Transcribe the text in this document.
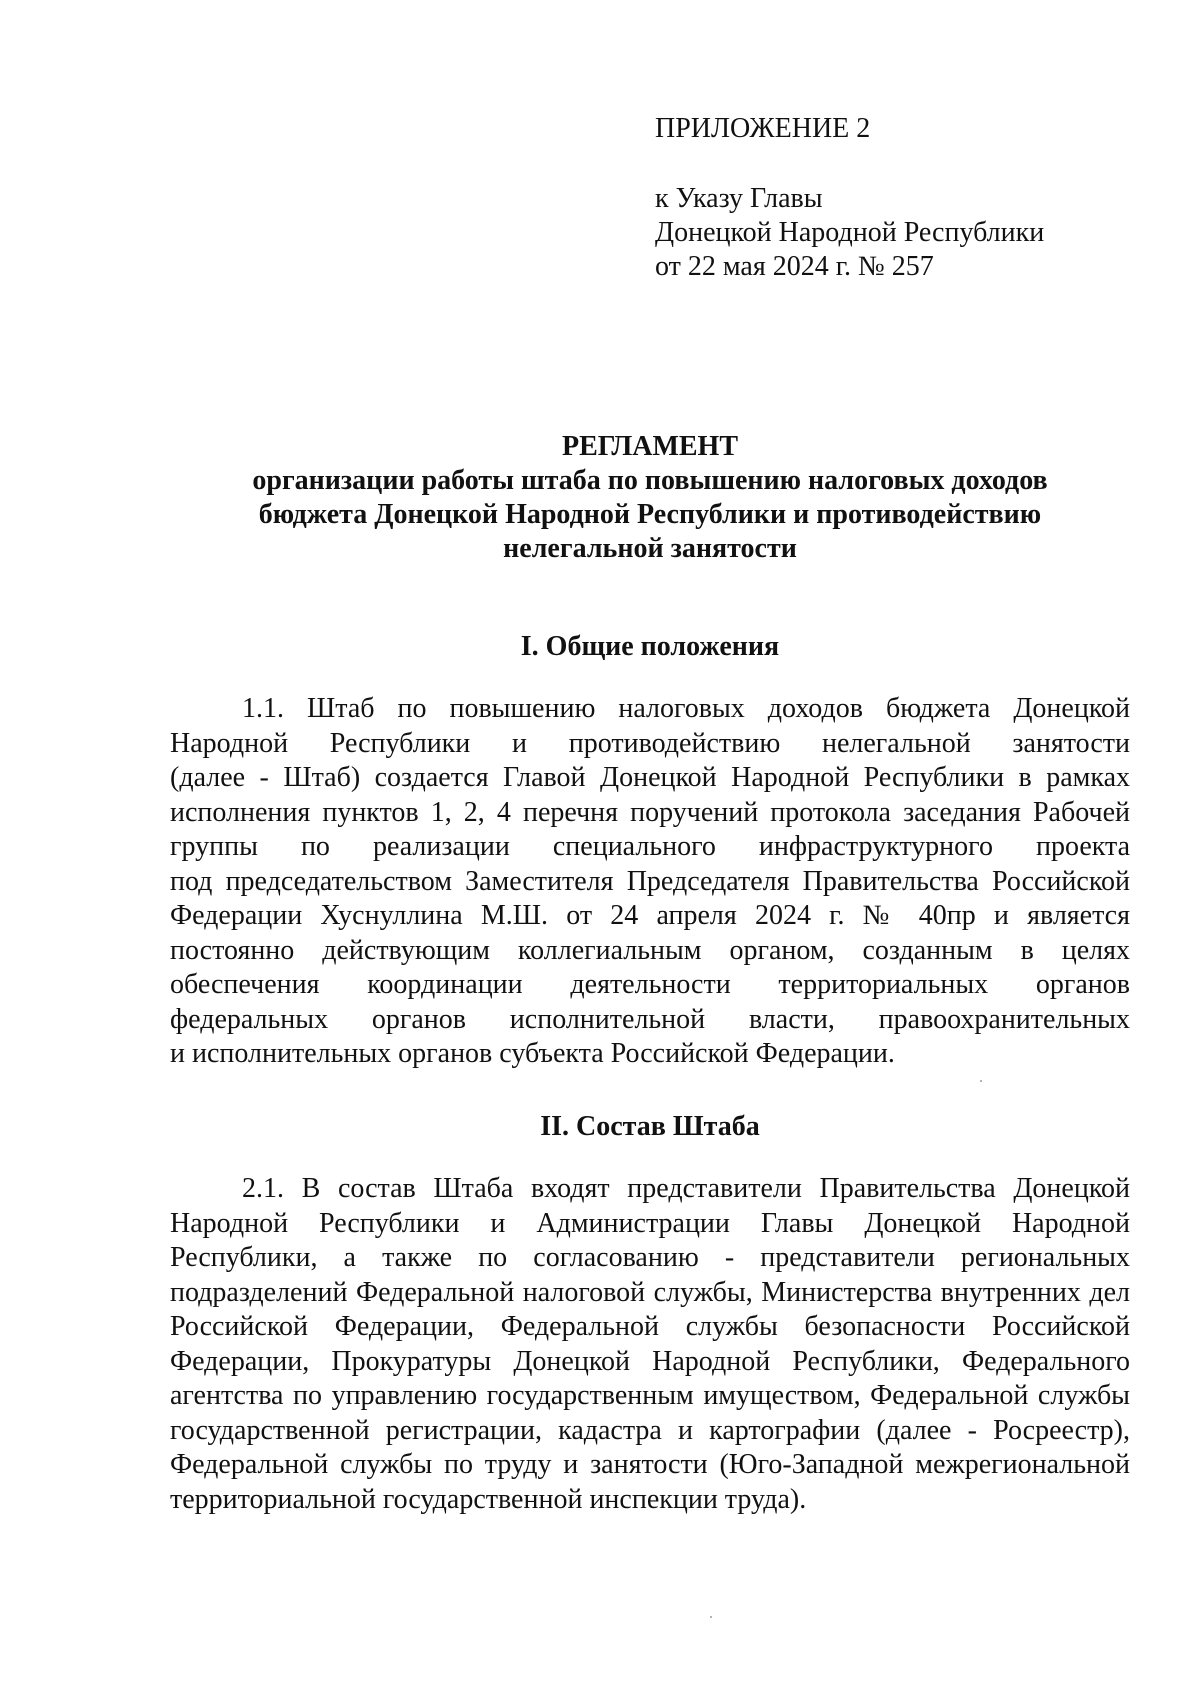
ПРИЛОЖЕНИЕ 2

к Указу Главы

Донецкой Народной Республики

от 22 мая 2024 г. № 257

РЕГЛАМЕНТ

организации работы штаба по повышению налоговых доходов

бюджета Донецкой Народной Республики и противодействию

нелегальной занятости

I. Общие положения

1.1. Штаб по повышению налоговых доходов бюджета Донецкой
Народной Республики и противодействию нелегальной занятости
(далее - Штаб) создается Главой Донецкой Народной Республики в рамках
исполнения пунктов 1, 2, 4 перечня поручений протокола заседания Рабочей
группы по реализации специального инфраструктурного проекта
под председательством Заместителя Председателя Правительства Российской
Федерации Хуснуллина М.Ш. от 24 апреля 2024 г. № 40пр и является
постоянно действующим коллегиальным органом, созданным в целях
обеспечения координации деятельности территориальных органов
федеральных органов исполнительной власти, правоохранительных
и исполнительных органов субъекта Российской Федерации.

II. Состав Штаба

2.1. В состав Штаба входят представители Правительства Донецкой
Народной Республики и Администрации Главы Донецкой Народной
Республики, а также по согласованию - представители региональных
подразделений Федеральной налоговой службы, Министерства внутренних дел
Российской Федерации, Федеральной службы безопасности Российской
Федерации, Прокуратуры Донецкой Народной Республики, Федерального
агентства по управлению государственным имуществом, Федеральной службы
государственной регистрации, кадастра и картографии (далее - Росреестр),
Федеральной службы по труду и занятости (Юго-Западной межрегиональной
территориальной государственной инспекции труда).
